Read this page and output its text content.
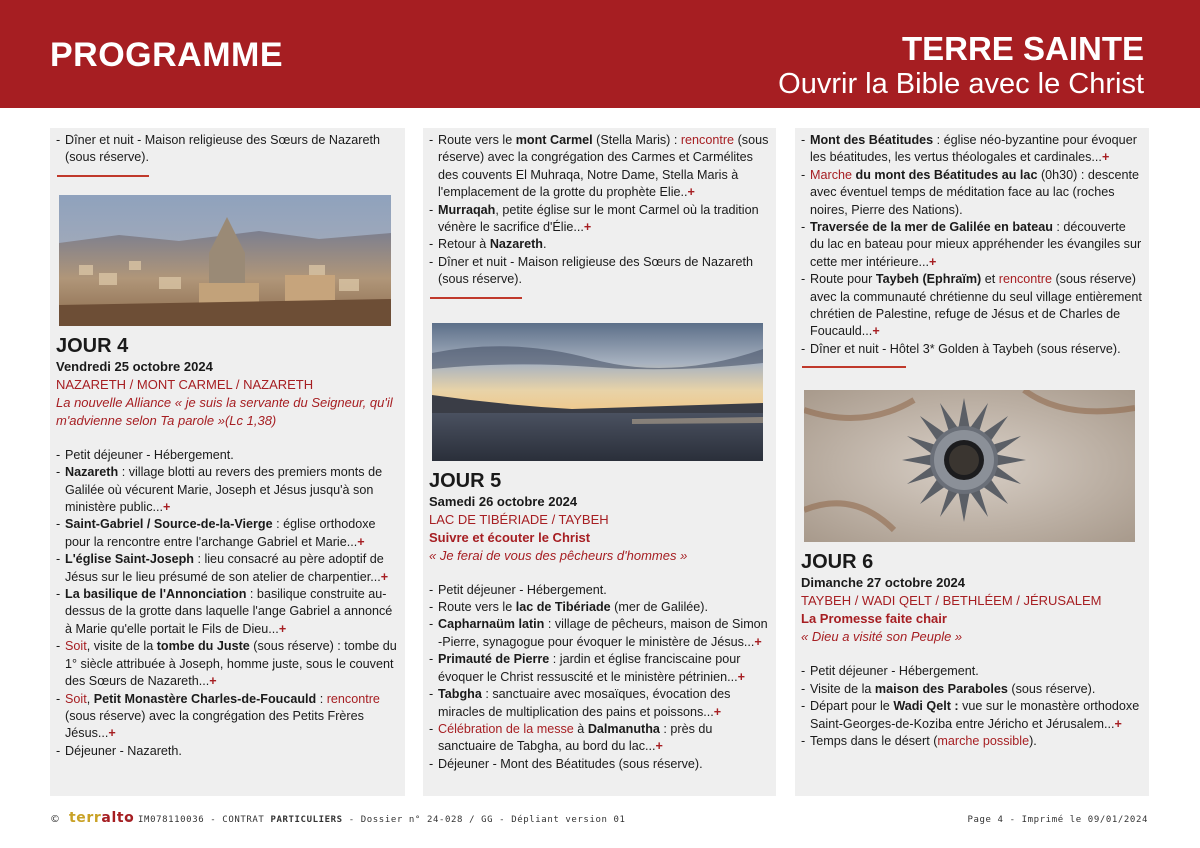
PROGRAMME	TERRE SAINTE
Ouvrir la Bible avec le Christ
- Dîner et nuit - Maison religieuse des Sœurs de Nazareth (sous réserve).
JOUR 4
Vendredi 25 octobre 2024
NAZARETH / MONT CARMEL / NAZARETH
La nouvelle Alliance « je suis la servante du Seigneur, qu'il m'advienne selon Ta parole »(Lc 1,38)
- Petit déjeuner - Hébergement.
- Nazareth : village blotti au revers des premiers monts de Galilée où vécurent Marie, Joseph et Jésus jusqu'à son ministère public...+
- Saint-Gabriel / Source-de-la-Vierge : église orthodoxe pour la rencontre entre l'archange Gabriel et Marie...+
- L'église Saint-Joseph : lieu consacré au père adoptif de Jésus sur le lieu présumé de son atelier de charpentier...+
- La basilique de l'Annonciation : basilique construite au-dessus de la grotte dans laquelle l'ange Gabriel a annoncé à Marie qu'elle portait le Fils de Dieu...+
- Soit, visite de la tombe du Juste (sous réserve) : tombe du 1° siècle attribuée à Joseph, homme juste, sous le couvent des Sœurs de Nazareth...+
- Soit, Petit Monastère Charles-de-Foucauld : rencontre (sous réserve) avec la congrégation des Petits Frères Jésus...+
- Déjeuner - Nazareth.
- Route vers le mont Carmel (Stella Maris) : rencontre (sous réserve) avec la congrégation des Carmes et Carmélites des couvents El Muhraqa, Notre Dame, Stella Maris à l'emplacement de la grotte du prophète Elie..+
- Murraqah, petite église sur le mont Carmel où la tradition vénère le sacrifice d'Élie...+
- Retour à Nazareth.
- Dîner et nuit - Maison religieuse des Sœurs de Nazareth (sous réserve).
JOUR 5
Samedi 26 octobre 2024
LAC DE TIBÉRIADE / TAYBEH
Suivre et écouter le Christ
« Je ferai de vous des pêcheurs d'hommes »
- Petit déjeuner - Hébergement.
- Route vers le lac de Tibériade (mer de Galilée).
- Capharnaüm latin : village de pêcheurs, maison de Simon -Pierre, synagogue pour évoquer le ministère de Jésus...+
- Primauté de Pierre : jardin et église franciscaine pour évoquer le Christ ressuscité et le ministère pétrinien...+
- Tabgha : sanctuaire avec mosaïques, évocation des miracles de multiplication des pains et poissons...+
- Célébration de la messe à Dalmanutha : près du sanctuaire de Tabgha, au bord du lac...+
- Déjeuner - Mont des Béatitudes (sous réserve).
- Mont des Béatitudes : église néo-byzantine pour évoquer les béatitudes, les vertus théologales et cardinales...+
- Marche du mont des Béatitudes au lac (0h30) : descente avec éventuel temps de méditation face au lac (roches noires, Pierre des Nations).
- Traversée de la mer de Galilée en bateau : découverte du lac en bateau pour mieux appréhender les évangiles sur cette mer intérieure...+
- Route pour Taybeh (Ephraïm) et rencontre (sous réserve) avec la communauté chrétienne du seul village entièrement chrétien de Palestine, refuge de Jésus et de Charles de Foucauld...+
- Dîner et nuit - Hôtel 3* Golden à Taybeh (sous réserve).
JOUR 6
Dimanche 27 octobre 2024
TAYBEH / WADI QELT / BETHLÉEM / JÉRUSALEM
La Promesse faite chair
« Dieu a visité son Peuple »
- Petit déjeuner - Hébergement.
- Visite de la maison des Paraboles (sous réserve).
- Départ pour le Wadi Qelt : vue sur le monastère orthodoxe Saint-Georges-de-Koziba entre Jéricho et Jérusalem...+
- Temps dans le désert (marche possible).
© terralto
- IM078110036 - CONTRAT PARTICULIERS - Dossier n° 24-028 / GG - Dépliant version 01	Page 4 - Imprimé le 09/01/2024
